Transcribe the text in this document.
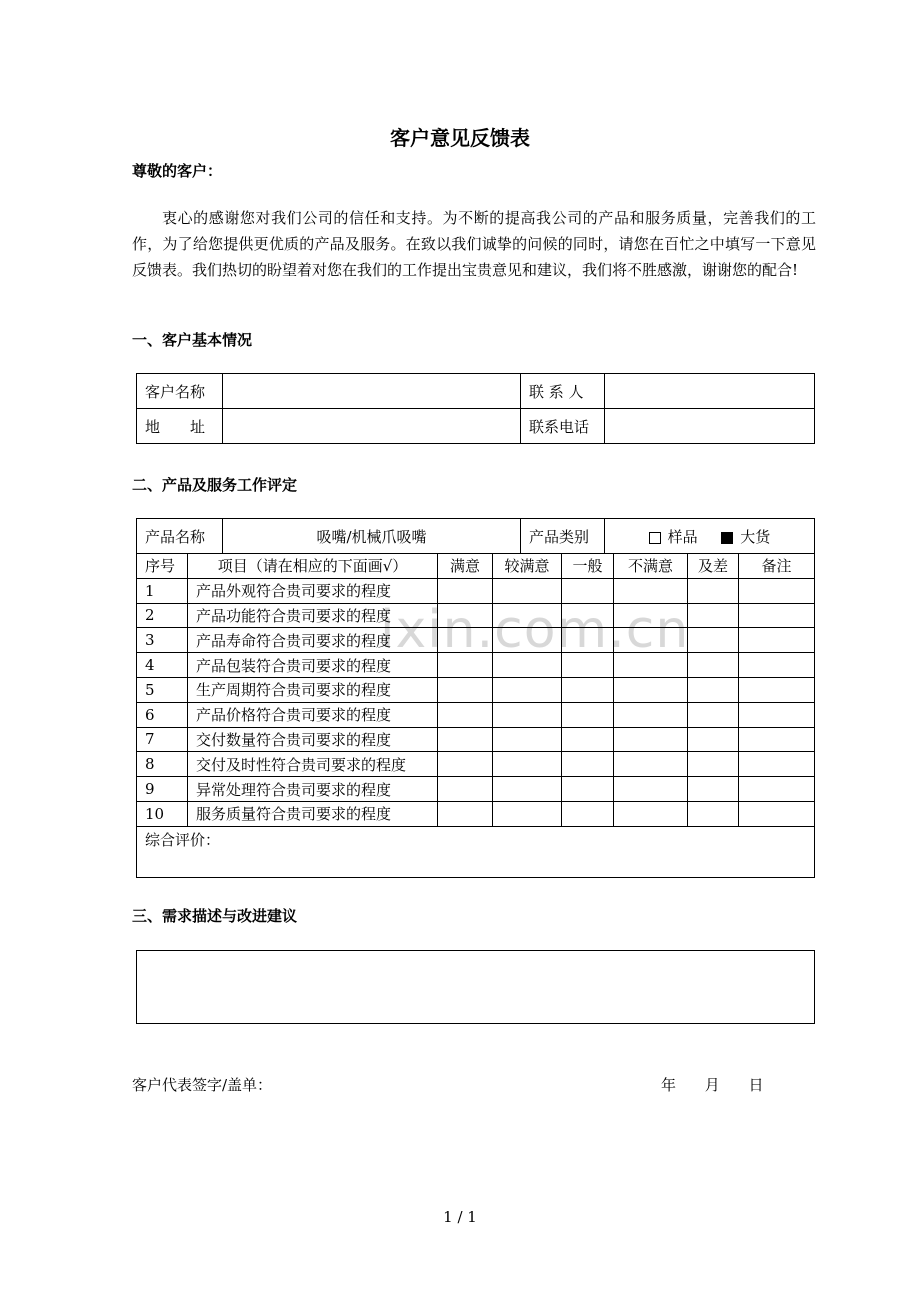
ixin.com.cn
客户意见反馈表
尊敬的客户：
衷心的感谢您对我们公司的信任和支持。为不断的提高我公司的产品和服务质量，完善我们的工作，为了给您提供更优质的产品及服务。在致以我们诚挚的问候的同时，请您在百忙之中填写一下意见反馈表。我们热切的盼望着对您在我们的工作提出宝贵意见和建议，我们将不胜感激，谢谢您的配合!
一、客户基本情况
客户名称		联 系 人	
地　　址		联系电话	
二、产品及服务工作评定
产品名称	吸嘴/机械爪吸嘴	产品类别	样品	大货
序号	项目（请在相应的下面画√）	满意	较满意	一般	不满意	及差	备注
1	产品外观符合贵司要求的程度						
2	产品功能符合贵司要求的程度						
3	产品寿命符合贵司要求的程度						
4	产品包装符合贵司要求的程度						
5	生产周期符合贵司要求的程度						
6	产品价格符合贵司要求的程度						
7	交付数量符合贵司要求的程度						
8	交付及时性符合贵司要求的程度						
9	异常处理符合贵司要求的程度						
10	服务质量符合贵司要求的程度						
综合评价：							
三、需求描述与改进建议
客户代表签字/盖单：	年 月 日
1 / 1
